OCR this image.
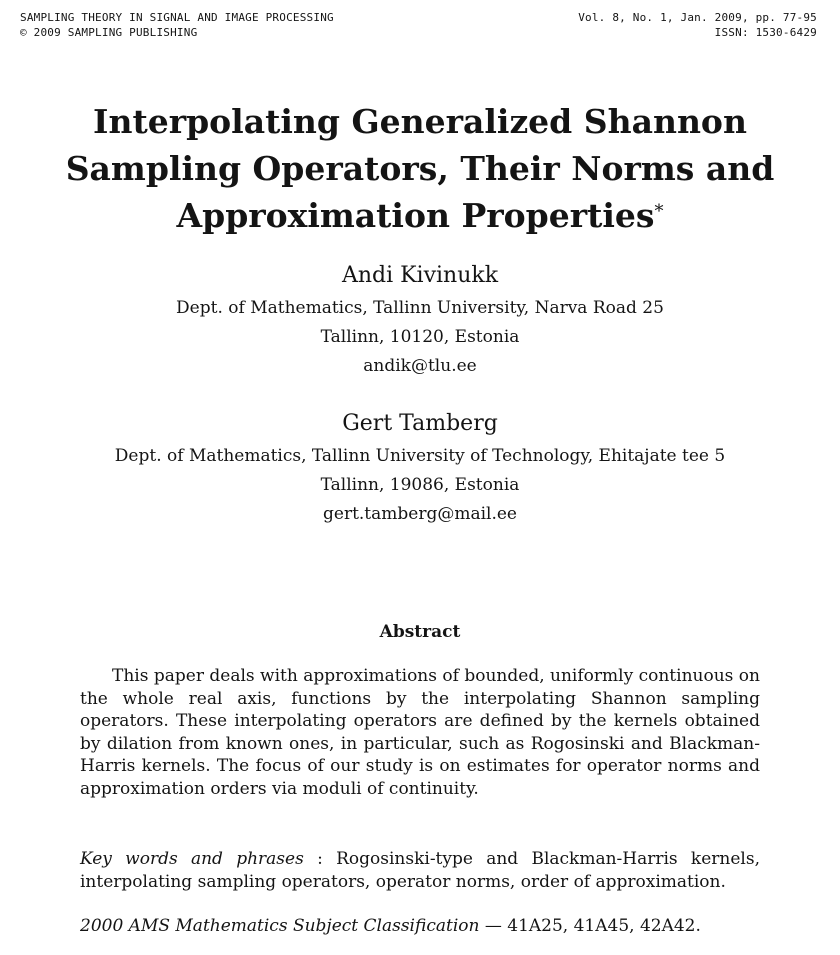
SAMPLING THEORY IN SIGNAL AND IMAGE PROCESSING
© 2009 SAMPLING PUBLISHING
Vol. 8, No. 1, Jan. 2009, pp. 77-95
ISSN: 1530-6429
Interpolating Generalized Shannon
Sampling Operators, Their Norms and
Approximation Properties*
Andi Kivinukk
Dept. of Mathematics, Tallinn University, Narva Road 25
Tallinn, 10120, Estonia
andik@tlu.ee
Gert Tamberg
Dept. of Mathematics, Tallinn University of Technology, Ehitajate tee 5
Tallinn, 19086, Estonia
gert.tamberg@mail.ee
Abstract

This paper deals with approximations of bounded, uniformly continuous on the whole real axis, functions by the interpolating Shannon sampling operators. These interpolating operators are defined by the kernels obtained by dilation from known ones, in particular, such as Rogosinski and Blackman-Harris kernels. The focus of our study is on estimates for operator norms and approximation orders via moduli of continuity.

Key words and phrases : Rogosinski-type and Blackman-Harris kernels, interpolating sampling operators, operator norms, order of approximation.

2000 AMS Mathematics Subject Classification — 41A25, 41A45, 42A42.
